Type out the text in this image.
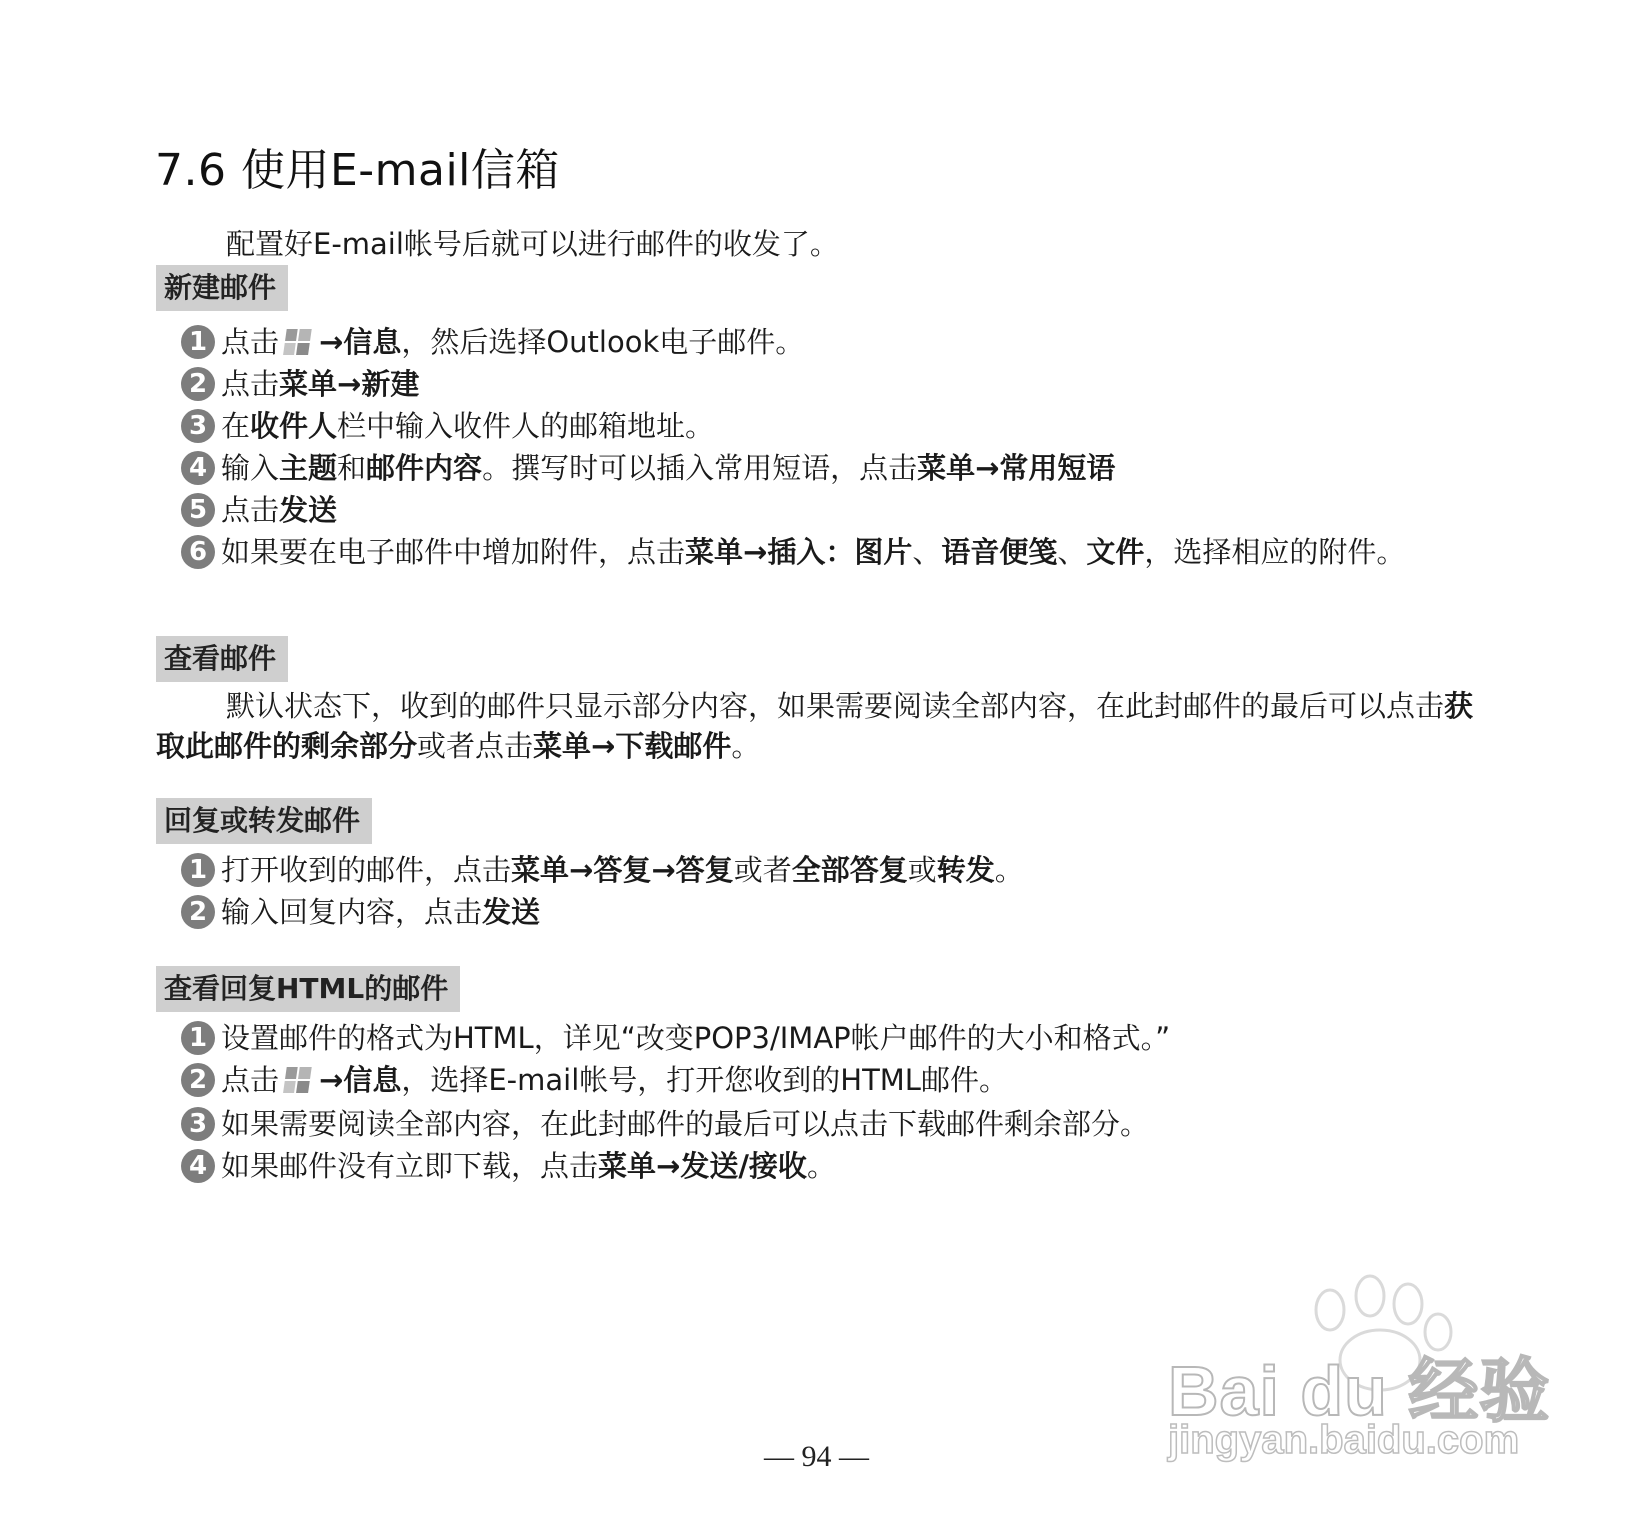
7.6 使用E-mail信箱
配置好E-mail帐号后就可以进行邮件的收发了。
新建邮件
1 点击 →信息，然后选择Outlook电子邮件。
2 点击菜单→新建
3 在收件人栏中输入收件人的邮箱地址。
4 输入主题和邮件内容。撰写时可以插入常用短语，点击菜单→常用短语
5 点击发送
6 如果要在电子邮件中增加附件，点击菜单→插入：图片、语音便笺、文件，选择相应的附件。
查看邮件
默认状态下，收到的邮件只显示部分内容，如果需要阅读全部内容，在此封邮件的最后可以点击获取此邮件的剩余部分或者点击菜单→下载邮件。
回复或转发邮件
1 打开收到的邮件，点击菜单→答复→答复或者全部答复或转发。
2 输入回复内容，点击发送
查看回复HTML的邮件
1 设置邮件的格式为HTML，详见“改变POP3/IMAP帐户邮件的大小和格式。”
2 点击 →信息，选择E-mail帐号，打开您收到的HTML邮件。
3 如果需要阅读全部内容，在此封邮件的最后可以点击下载邮件剩余部分。
4 如果邮件没有立即下载，点击菜单→发送/接收。
Bai du 经验
jingyan.baidu.com
— 94 —
